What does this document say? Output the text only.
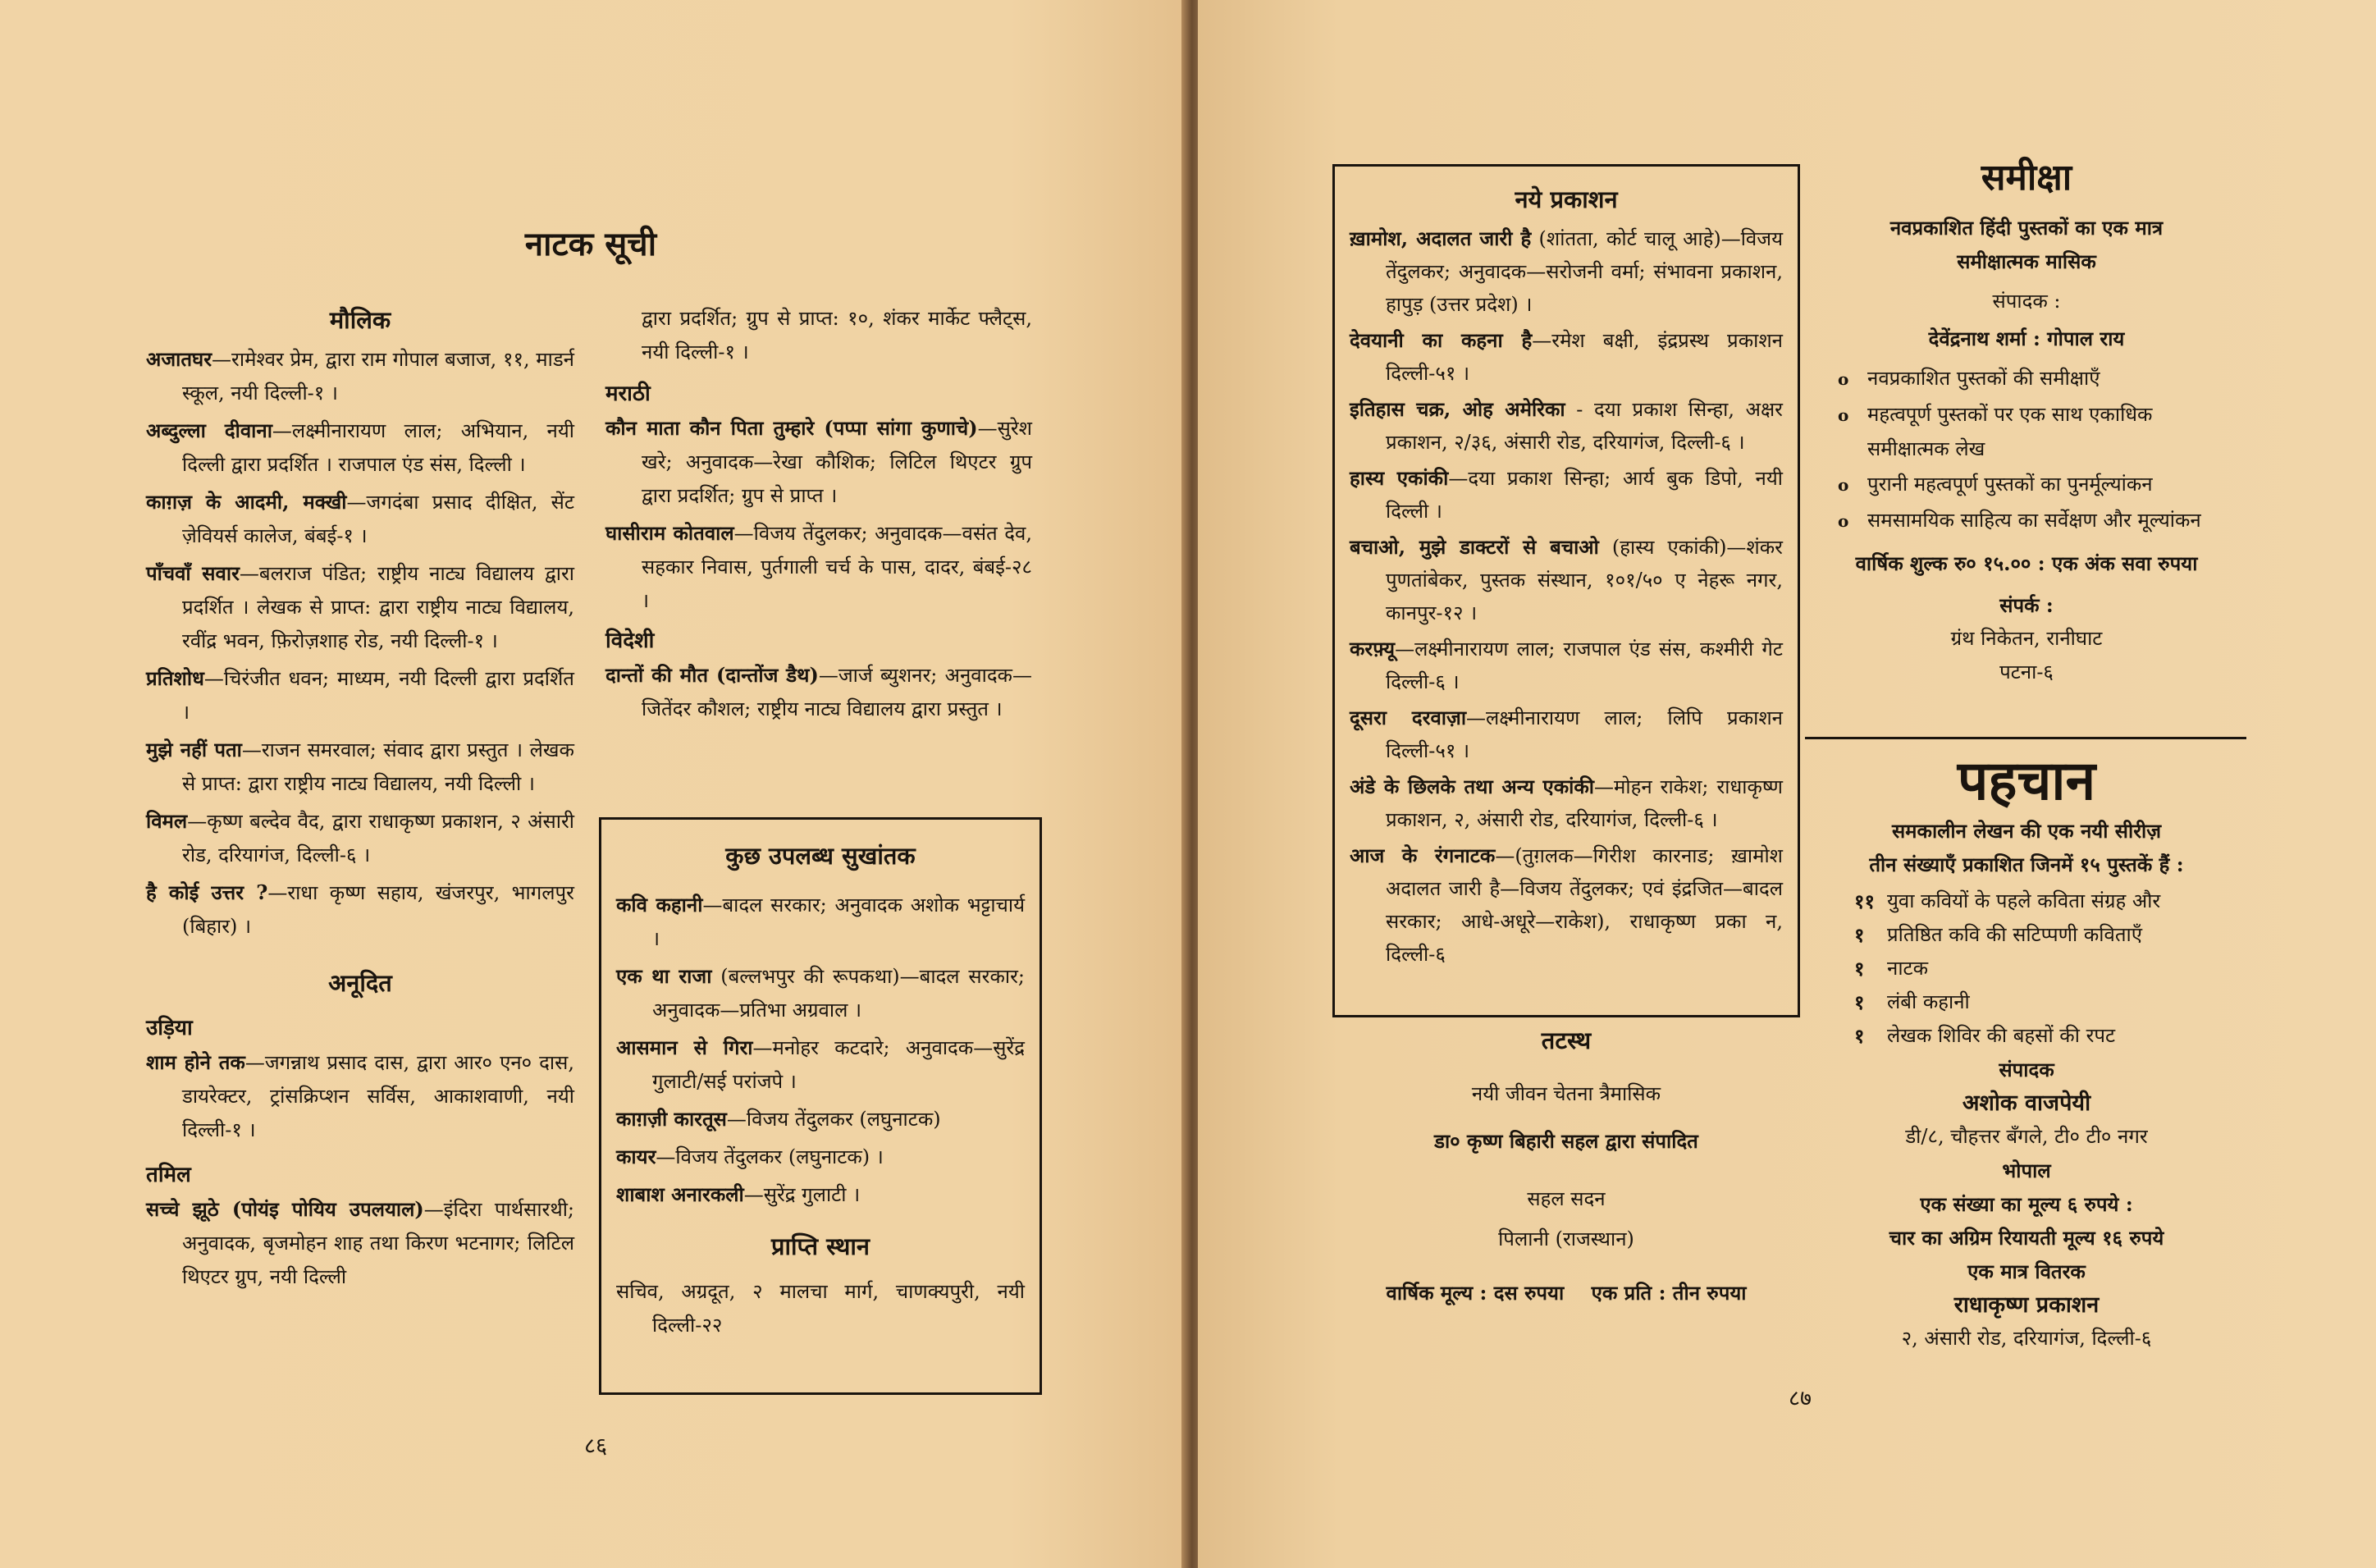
नाटक सूची
मौलिक
अजातघर—रामेश्वर प्रेम, द्वारा राम गोपाल बजाज, ११, माडर्न स्कूल, नयी दिल्ली-१ ।
अब्दुल्ला दीवाना—लक्ष्मीनारायण लाल; अभियान, नयी दिल्ली द्वारा प्रदर्शित । राजपाल एंड संस, दिल्ली ।
काग़ज़ के आदमी, मक्खी—जगदंबा प्रसाद दीक्षित, सेंट ज़ेवियर्स कालेज, बंबई-१ ।
पाँचवाँ सवार—बलराज पंडित; राष्ट्रीय नाट्य विद्यालय द्वारा प्रदर्शित । लेखक से प्राप्त: द्वारा राष्ट्रीय नाट्य विद्यालय, रवींद्र भवन, फ़िरोज़शाह रोड, नयी दिल्ली-१ ।
प्रतिशोध—चिरंजीत धवन; माध्यम, नयी दिल्ली द्वारा प्रदर्शित ।
मुझे नहीं पता—राजन समरवाल; संवाद द्वारा प्रस्तुत । लेखक से प्राप्त: द्वारा राष्ट्रीय नाट्य विद्यालय, नयी दिल्ली ।
विमल—कृष्ण बल्देव वैद, द्वारा राधाकृष्ण प्रकाशन, २ अंसारी रोड, दरियागंज, दिल्ली-६ ।
है कोई उत्तर ?—राधा कृष्ण सहाय, खंजरपुर, भागलपुर (बिहार) ।
अनूदित
उड़िया
शाम होने तक—जगन्नाथ प्रसाद दास, द्वारा आर० एन० दास, डायरेक्टर, ट्रांसक्रिप्शन सर्विस, आकाशवाणी, नयी दिल्ली-१ ।
तमिल
सच्चे झूठे (पोयंइ पोयिय उपलयाल)—इंदिरा पार्थसारथी; अनुवादक, बृजमोहन शाह तथा किरण भटनागर; लिटिल थिएटर ग्रुप, नयी दिल्ली
द्वारा प्रदर्शित; ग्रुप से प्राप्त: १०, शंकर मार्केट फ्लैट्स, नयी दिल्ली-१ ।
मराठी
कौन माता कौन पिता तुम्हारे (पप्पा सांगा कुणाचे)—सुरेश खरे; अनुवादक—रेखा कौशिक; लिटिल थिएटर ग्रुप द्वारा प्रदर्शित; ग्रुप से प्राप्त ।
घासीराम कोतवाल—विजय तेंदुलकर; अनुवादक—वसंत देव, सहकार निवास, पुर्तगाली चर्च के पास, दादर, बंबई-२८ ।
विदेशी
दान्तों की मौत (दान्तोंज डैथ)—जार्ज ब्युशनर; अनुवादक—जितेंदर कौशल; राष्ट्रीय नाट्य विद्यालय द्वारा प्रस्तुत ।
कुछ उपलब्ध सुखांतक
कवि कहानी—बादल सरकार; अनुवादक अशोक भट्टाचार्य ।
एक था राजा (बल्लभपुर की रूपकथा)—बादल सरकार; अनुवादक—प्रतिभा अग्रवाल ।
आसमान से गिरा—मनोहर कटदारे; अनुवादक—सुरेंद्र गुलाटी/सई परांजपे ।
काग़ज़ी कारतूस—विजय तेंदुलकर (लघुनाटक)
कायर—विजय तेंदुलकर (लघुनाटक) ।
शाबाश अनारकली—सुरेंद्र गुलाटी ।
प्राप्ति स्थान
सचिव, अग्रदूत, २ मालचा मार्ग, चाणक्यपुरी, नयी दिल्ली-२२
८६
नये प्रकाशन
ख़ामोश, अदालत जारी है (शांतता, कोर्ट चालू आहे)—विजय तेंदुलकर; अनुवादक—सरोजनी वर्मा; संभावना प्रकाशन, हापुड़ (उत्तर प्रदेश) ।
देवयानी का कहना है—रमेश बक्षी, इंद्रप्रस्थ प्रकाशन दिल्ली-५१ ।
इतिहास चक्र, ओह अमेरिका - दया प्रकाश सिन्हा, अक्षर प्रकाशन, २/३६, अंसारी रोड, दरियागंज, दिल्ली-६ ।
हास्य एकांकी—दया प्रकाश सिन्हा; आर्य बुक डिपो, नयी दिल्ली ।
बचाओ, मुझे डाक्टरों से बचाओ (हास्य एकांकी)—शंकर पुणतांबेकर, पुस्तक संस्थान, १०१/५० ए नेहरू नगर, कानपुर-१२ ।
करफ़्यू—लक्ष्मीनारायण लाल; राजपाल एंड संस, कश्मीरी गेट दिल्ली-६ ।
दूसरा दरवाज़ा—लक्ष्मीनारायण लाल; लिपि प्रकाशन दिल्ली-५१ ।
अंडे के छिलके तथा अन्य एकांकी—मोहन राकेश; राधाकृष्ण प्रकाशन, २, अंसारी रोड, दरियागंज, दिल्ली-६ ।
आज के रंगनाटक—(तुग़लक—गिरीश कारनाड; ख़ामोश अदालत जारी है—विजय तेंदुलकर; एवं इंद्रजित—बादल सरकार; आधे-अधूरे—राकेश), राधाकृष्ण प्रका न, दिल्ली-६
तटस्थ
नयी जीवन चेतना त्रैमासिक
डा० कृष्ण बिहारी सहल द्वारा संपादित
सहल सदन
पिलानी (राजस्थान)
वार्षिक मूल्य : दस रुपया    एक प्रति : तीन रुपया
समीक्षा
नवप्रकाशित हिंदी पुस्तकों का एक मात्र
समीक्षात्मक मासिक
संपादक :
देवेंद्रनाथ शर्मा : गोपाल राय
o नवप्रकाशित पुस्तकों की समीक्षाएँ
o महत्वपूर्ण पुस्तकों पर एक साथ एकाधिक समीक्षात्मक लेख
o पुरानी महत्वपूर्ण पुस्तकों का पुनर्मूल्यांकन
o समसामयिक साहित्य का सर्वेक्षण और मूल्यांकन
वार्षिक शुल्क रु० १५.०० : एक अंक सवा रुपया
संपर्क :
ग्रंथ निकेतन, रानीघाट
पटना-६
पहचान
समकालीन लेखन की एक नयी सीरीज़
तीन संख्याएँ प्रकाशित जिनमें १५ पुस्तकें हैं :
११ युवा कवियों के पहले कविता संग्रह और
१	प्रतिष्ठित कवि की सटिप्पणी कविताएँ
१	नाटक
१	लंबी कहानी
१	लेखक शिविर की बहसों की रपट
संपादक
अशोक वाजपेयी
डी/८, चौहत्तर बँगले, टी० टी० नगर
भोपाल
एक संख्या का मूल्य ६ रुपये :
चार का अग्रिम रियायती मूल्य १६ रुपये
एक मात्र वितरक
राधाकृष्ण प्रकाशन
२, अंसारी रोड, दरियागंज, दिल्ली-६
८७
